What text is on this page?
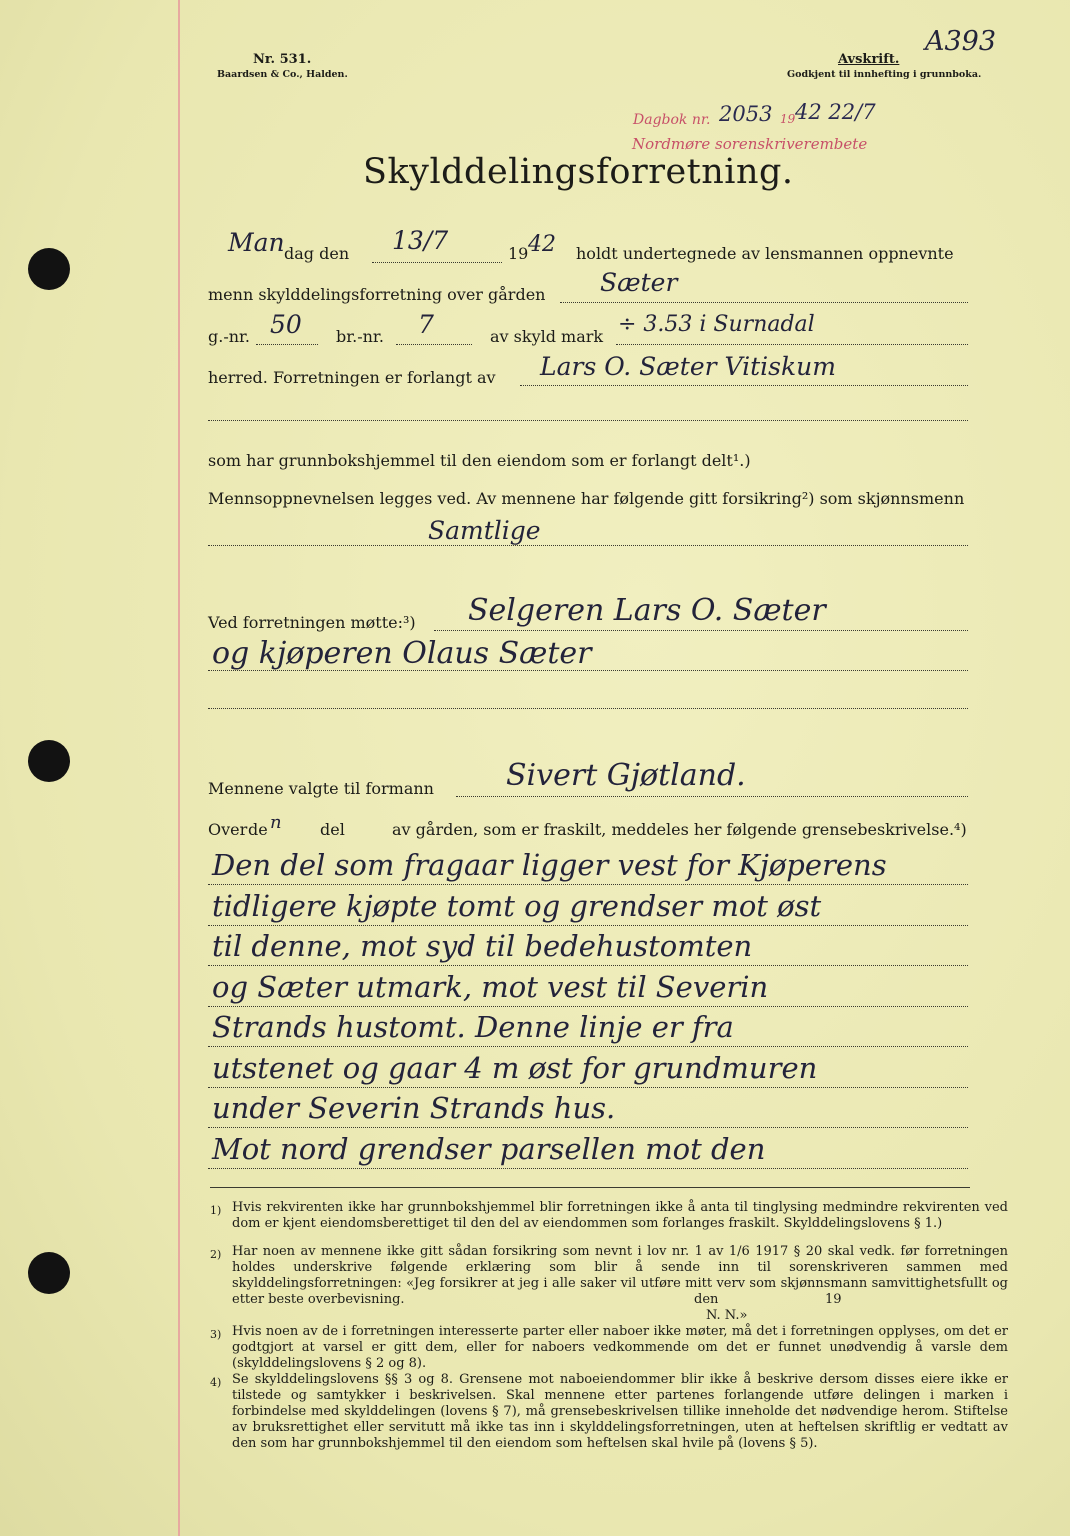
Nr. 531.
Baardsen & Co., Halden.
Avskrift.
Godkjent til innhefting i grunnboka.
A393
Dagbok nr. 2053 19 42 22/7
Nordmøre sorenskriverembete
Skylddelingsforretning.
Man dag den 13/7	19 42 holdt undertegnede av lensmannen oppnevnte
menn skylddelingsforretning over gården Sæter
g.-nr. 50 br.-nr. 7	av skyld mark ÷ 3.53 i Surnadal
herred. Forretningen er forlangt av Lars O. Sæter Vitiskum
som har grunnbokshjemmel til den eiendom som er forlangt delt¹.)
Mennsoppnevnelsen legges ved. Av mennene har følgende gitt forsikring²) som skjønnsmenn
Samtlige
Ved forretningen møtte:³) Selgeren Lars O. Sæter
og kjøperen Olaus Sæter
Mennene valgte til formann Sivert Gjøtland.
Over de n del	av gården, som er fraskilt, meddeles her følgende grensebeskrivelse.⁴)
Den del som fragaar ligger vest for Kjøperens
tidligere kjøpte tomt og grendser mot øst
til denne, mot syd til bedehustomten
og Sæter utmark, mot vest til Severin
Strands hustomt. Denne linje er fra
utstenet og gaar 4 m øst for grundmuren
under Severin Strands hus.
Mot nord grendser parsellen mot den
1) Hvis rekvirenten ikke har grunnbokshjemmel blir forretningen ikke å anta til tinglysing medmindre rekvirenten ved dom er kjent eiendomsberettiget til den del av eiendommen som forlanges fraskilt. Skylddelingslovens § 1.)
2) Har noen av mennene ikke gitt sådan forsikring som nevnt i lov nr. 1 av 1/6 1917 § 20 skal vedk. før forretningen holdes underskrive følgende erklæring som blir å sende inn til sorenskriveren sammen med skylddelingsforretningen: «Jeg forsikrer at jeg i alle saker vil utføre mitt verv som skjønnsmann samvittighetsfullt og etter beste overbevisning.	den	19
N. N.»
3) Hvis noen av de i forretningen interesserte parter eller naboer ikke møter, må det i forretningen opplyses, om det er godtgjort at varsel er gitt dem, eller for naboers vedkommende om det er funnet unødvendig å varsle dem (skylddelingslovens § 2 og 8).
4) Se skylddelingslovens §§ 3 og 8. Grensene mot naboeiendommer blir ikke å beskrive dersom disses eiere ikke er tilstede og samtykker i beskrivelsen. Skal mennene etter partenes forlangende utføre delingen i marken i forbindelse med skylddelingen (lovens § 7), må grensebeskrivelsen tillike inneholde det nødvendige herom. Stiftelse av bruksrettighet eller servitutt må ikke tas inn i skylddelingsforretningen, uten at heftelsen skriftlig er vedtatt av den som har grunnbokshjemmel til den eiendom som heftelsen skal hvile på (lovens § 5).
